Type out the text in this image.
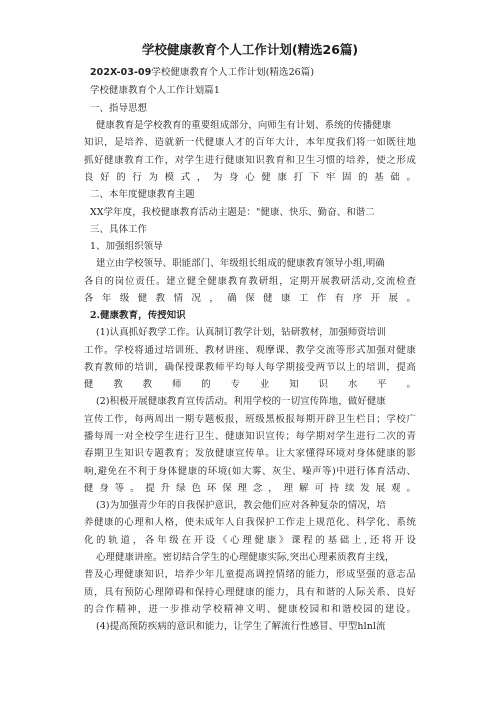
学校健康教育个人工作计划(精选26篇)
202X-03-09学校健康教育个人工作计划(精选26篇)
学校健康教育个人工作计划篇1
一、指导思想
健康教育是学校教育的重要组成部分，向师生有计划、系统的传播健康
知识，是培养、造就新一代健康人才的百年大计，本年度我们将一如既往地
抓好健康教育工作，对学生进行健康知识教育和卫生习惯的培养，使之形成
良好的行为模式，为身心健康打下牢固的基础。
二、本年度健康教育主题
XX学年度，我校健康教育活动主题是："健康、快乐、勤奋、和谐二
三、具体工作
1、加强组织领导
建立由学校领导、职能部门、年级组长组成的健康教育领导小组,明确
各自的岗位责任。建立健全健康教育教研组，定期开展教研活动,交流检查
各年级健教情况，确保健康工作有序开展。
2.健康教育，传授知识
(1)认真抓好教学工作。认真制订教学计划，钻研教材，加强师资培训
工作。学校将通过培训班、教材讲座、观摩课、教学交流等形式加强对健康
教育教师的培训，确保授课教师平均每人每学期接受两节以上的培训，提高
健教教师的专业知识水平。
(2)积极开展健康教育宣传活动。利用学校的一切宣传阵地，做好健康
宣传工作，每两周出一期专题板报，班级黑板报每期开辟卫生栏目；学校广
播每周一对全校学生进行卫生、健康知识宣传；每学期对学生进行二次的青
春期卫生知识专题教育；发放健康宣传单。让大家懂得环境对身体健康的影
响,避免在不利于身体健康的环境(如大雾、灰尘、噪声等)中进行体育活动、
健身等。提升绿色环保理念，理解可持续发展观。
(3)为加强青少年的自我保护意识，教会他们应对各种复杂的情况，培
养健康的心理和人格，使未成年人自我保护工作走上规范化、科学化、系统
化的轨道，各年级在开设《心理健康》课程的基础上,还将开设
心理健康讲座。密切结合学生的心理健康实际,突出心理素质教育主线，
普及心理健康知识，培养少年儿童提高调控情绪的能力，形成坚强的意志品
质，具有预防心理障碍和保持心理健康的能力，具有和谐的人际关系、良好
的合作精神，进一步推动学校精神文明、健康校园和和谐校园的建设。
(4)提高预防疾病的意识和能力，让学生了解流行性感冒、甲型hlnl流
